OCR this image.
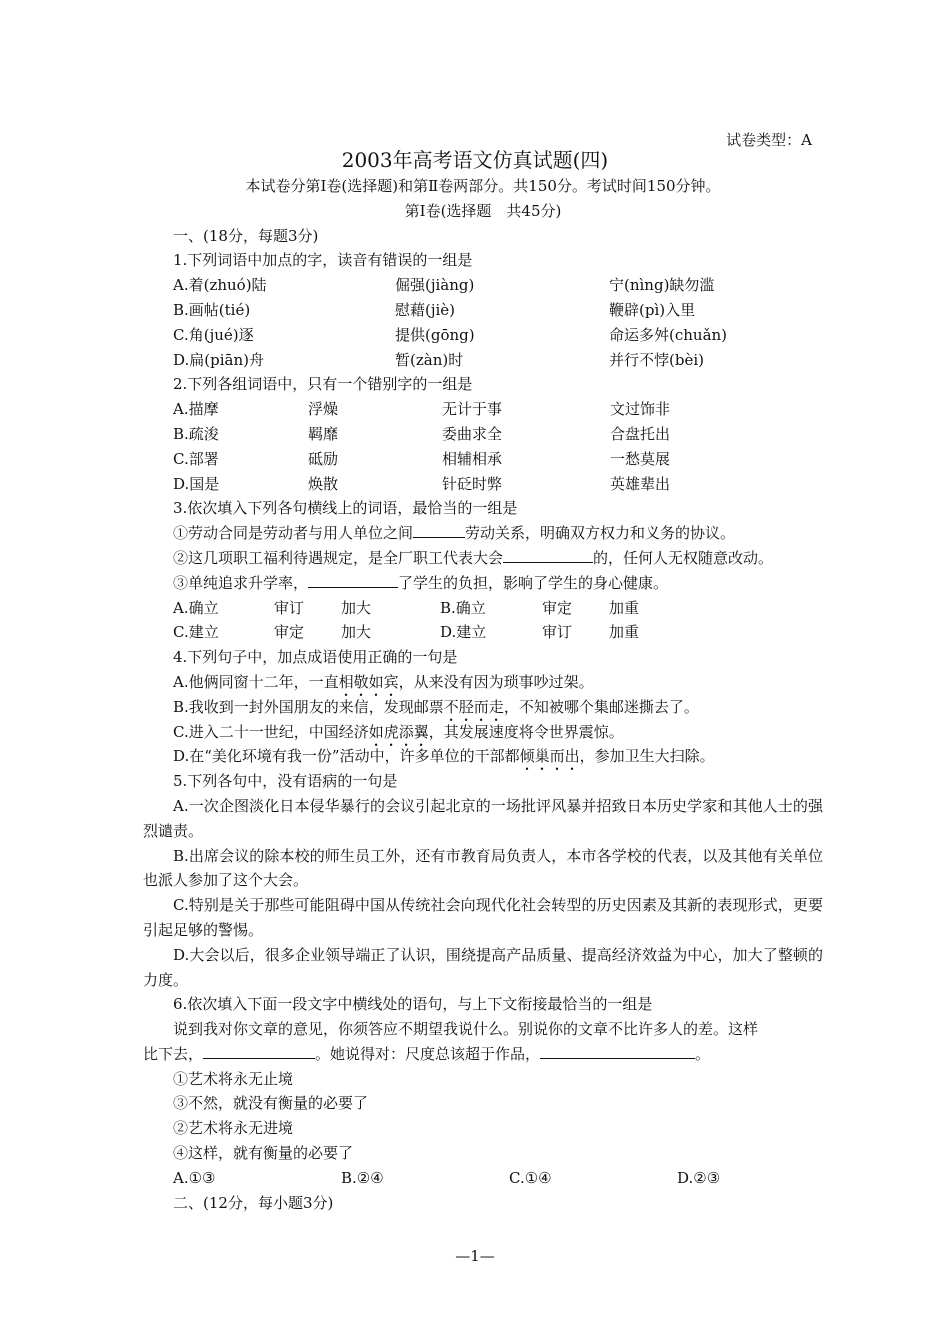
试卷类型：A
2003年高考语文仿真试题(四)
本试卷分第Ⅰ卷(选择题)和第Ⅱ卷两部分。共150分。考试时间150分钟。
第Ⅰ卷(选择题　共45分)
一、(18分，每题3分)
1.下列词语中加点的字，读音有错误的一组是
A.着(zhuó)陆	倔强(jiàng)	宁(nìng)缺勿滥
B.画帖(tié)	慰藉(jiè)	鞭辟(pì)入里
C.角(jué)逐	提供(gōng)	命运多舛(chuǎn)
D.扁(piān)舟	暂(zàn)时	并行不悖(bèi)
2.下列各组词语中，只有一个错别字的一组是
A.描摩	浮燥	无计于事	文过饰非
B.疏浚	羁靡	委曲求全	合盘托出
C.部署	砥励	相辅相承	一愁莫展
D.国是	焕散	针砭时弊	英雄辈出
3.依次填入下列各句横线上的词语，最恰当的一组是
①劳动合同是劳动者与用人单位之间	劳动关系，明确双方权力和义务的协议。
②这几项职工福利待遇规定，是全厂职工代表大会	的，任何人无权随意改动。
③单纯追求升学率，	了学生的负担，影响了学生的身心健康。
A.确立	审订	加大	B.确立	审定	加重
C.建立	审定	加大	D.建立	审订	加重
4.下列句子中，加点成语使用正确的一句是
A.他俩同窗十二年，一直相敬如宾，从来没有因为琐事吵过架。
B.我收到一封外国朋友的来信，发现邮票不胫而走，不知被哪个集邮迷撕去了。
C.进入二十一世纪，中国经济如虎添翼，其发展速度将令世界震惊。
D.在“美化环境有我一份”活动中，许多单位的干部都倾巢而出，参加卫生大扫除。
5.下列各句中，没有语病的一句是
A.一次企图淡化日本侵华暴行的会议引起北京的一场批评风暴并招致日本历史学家和其他人士的强烈谴责。
B.出席会议的除本校的师生员工外，还有市教育局负责人，本市各学校的代表，以及其他有关单位也派人参加了这个大会。
C.特别是关于那些可能阻碍中国从传统社会向现代化社会转型的历史因素及其新的表现形式，更要引起足够的警惕。
D.大会以后，很多企业领导端正了认识，围绕提高产品质量、提高经济效益为中心，加大了整顿的力度。
6.依次填入下面一段文字中横线处的语句，与上下文衔接最恰当的一组是
说到我对你文章的意见，你须答应不期望我说什么。别说你的文章不比许多人的差。这样
比下去，	。她说得对：尺度总该超于作品，	。
①艺术将永无止境
③不然，就没有衡量的必要了
②艺术将永无进境
④这样，就有衡量的必要了
A.①③	B.②④	C.①④	D.②③
二、(12分，每小题3分)
—1—
